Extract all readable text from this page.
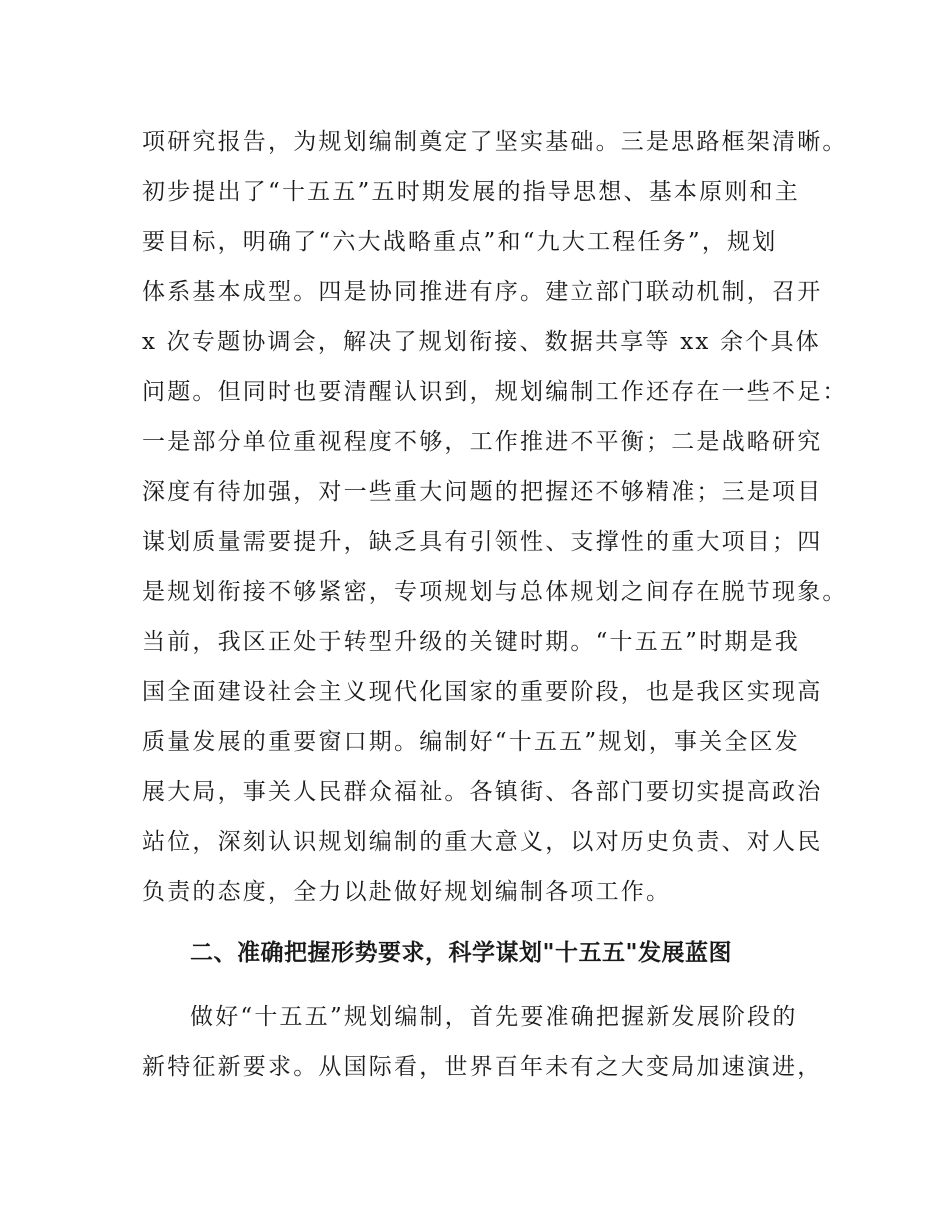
项研究报告，为规划编制奠定了坚实基础。三是思路框架清晰。
初步提出了“十五五”五时期发展的指导思想、基本原则和主
要目标，明确了“六大战略重点”和“九大工程任务”，规划
体系基本成型。四是协同推进有序。建立部门联动机制，召开
x 次专题协调会，解决了规划衔接、数据共享等 xx 余个具体
问题。但同时也要清醒认识到，规划编制工作还存在一些不足：
一是部分单位重视程度不够，工作推进不平衡；二是战略研究
深度有待加强，对一些重大问题的把握还不够精准；三是项目
谋划质量需要提升，缺乏具有引领性、支撑性的重大项目；四
是规划衔接不够紧密，专项规划与总体规划之间存在脱节现象。
当前，我区正处于转型升级的关键时期。“十五五”时期是我
国全面建设社会主义现代化国家的重要阶段，也是我区实现高
质量发展的重要窗口期。编制好“十五五”规划，事关全区发
展大局，事关人民群众福祉。各镇街、各部门要切实提高政治
站位，深刻认识规划编制的重大意义，以对历史负责、对人民
负责的态度，全力以赴做好规划编制各项工作。
二、准确把握形势要求，科学谋划"十五五"发展蓝图
做好“十五五”规划编制，首先要准确把握新发展阶段的
新特征新要求。从国际看，世界百年未有之大变局加速演进，
